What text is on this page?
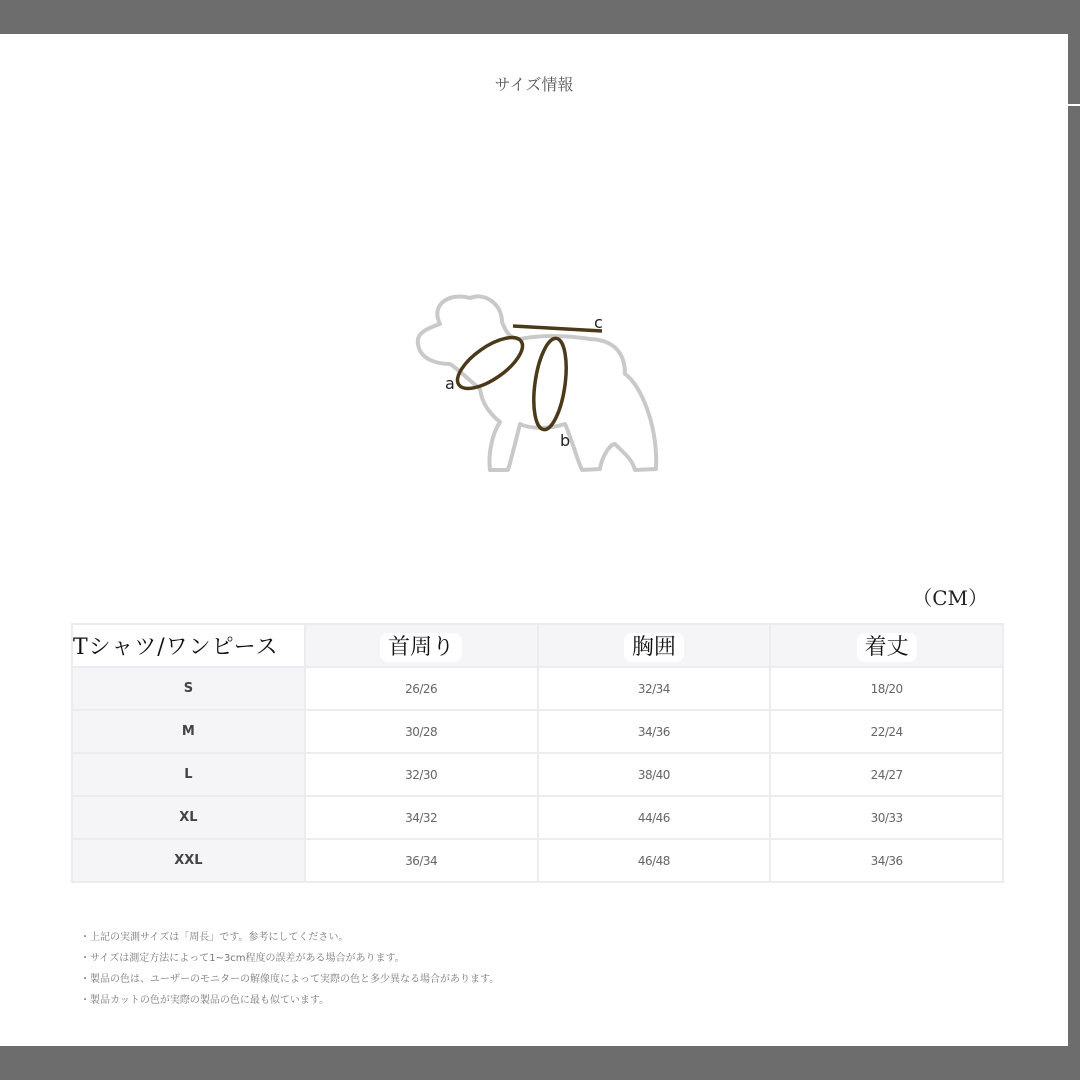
サイズ情報
a
b
c
（CM）
Tシャツ/ワンピース	首周り	胸囲	着丈
S	26/26	32/34	18/20
M	30/28	34/36	22/24
L	32/30	38/40	24/27
XL	34/32	44/46	30/33
XXL	36/34	46/48	34/36
・上記の実測サイズは「周長」です。参考にしてください。
・サイズは測定方法によって1~3cm程度の誤差がある場合があります。
・製品の色は、ユーザーのモニターの解像度によって実際の色と多少異なる場合があります。
・製品カットの色が実際の製品の色に最も似ています。
